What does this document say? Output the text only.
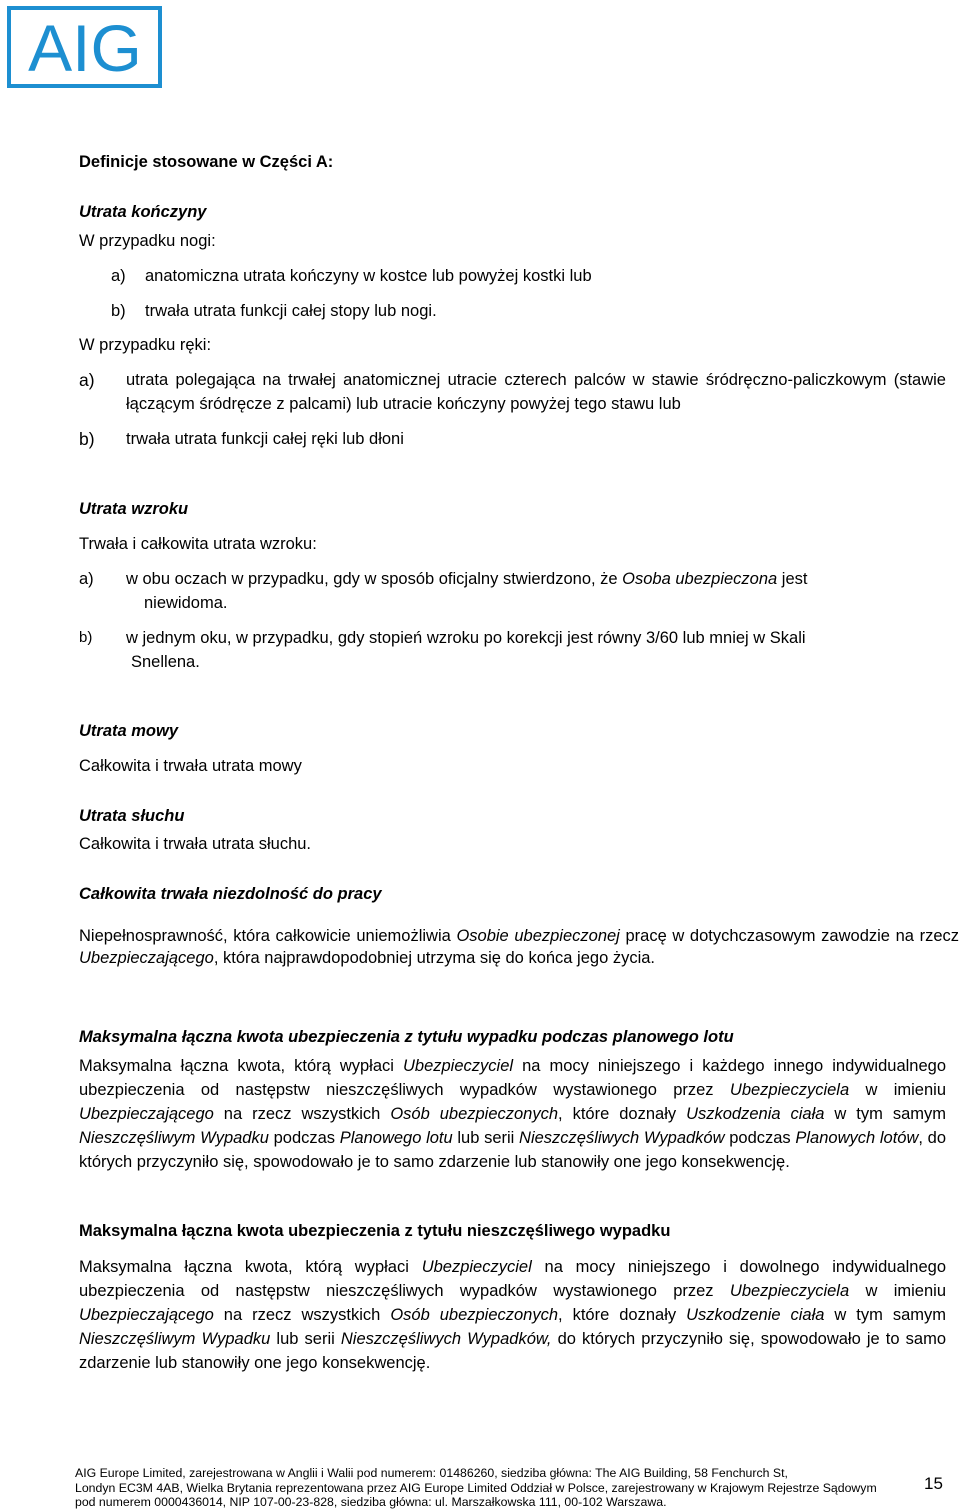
AIG

Definicje stosowane w Części A:

Utrata kończyny

W przypadku nogi:

a)	anatomiczna utrata kończyny w kostce lub powyżej kostki lub
b)	trwała utrata funkcji całej stopy lub nogi.

W przypadku ręki:

a)	utrata polegająca na trwałej anatomicznej utracie czterech palców w stawie śródręczno-paliczkowym (stawie łączącym śródręcze z palcami) lub utracie kończyny powyżej tego stawu lub
b)	trwała utrata funkcji całej ręki lub dłoni

Utrata wzroku

Trwała i całkowita utrata wzroku:

a)	w obu oczach w przypadku, gdy w sposób oficjalny stwierdzono, że Osoba ubezpieczona jest
niewidoma.
b)	w jednym oku, w przypadku, gdy stopień wzroku po korekcji jest równy 3/60 lub mniej w Skali
Snellena.

Utrata mowy

Całkowita i trwała utrata mowy

Utrata słuchu

Całkowita i trwała utrata słuchu.

Całkowita trwała niezdolność do pracy

Niepełnosprawność, która całkowicie uniemożliwia Osobie ubezpieczonej pracę w dotychczasowym zawodzie na rzecz Ubezpieczającego, która najprawdopodobniej utrzyma się do końca jego życia.

Maksymalna łączna kwota ubezpieczenia z tytułu wypadku podczas planowego lotu

Maksymalna łączna kwota, którą wypłaci Ubezpieczyciel na mocy niniejszego i każdego innego indywidualnego ubezpieczenia od następstw nieszczęśliwych wypadków wystawionego przez Ubezpieczyciela w imieniu Ubezpieczającego na rzecz wszystkich Osób ubezpieczonych, które doznały Uszkodzenia ciała w tym samym Nieszczęśliwym Wypadku podczas Planowego lotu lub serii Nieszczęśliwych Wypadków podczas Planowych lotów, do których przyczyniło się, spowodowało je to samo zdarzenie lub stanowiły one jego konsekwencję.

Maksymalna łączna kwota ubezpieczenia z tytułu nieszczęśliwego wypadku

Maksymalna łączna kwota, którą wypłaci Ubezpieczyciel na mocy niniejszego i dowolnego indywidualnego ubezpieczenia od następstw nieszczęśliwych wypadków wystawionego przez Ubezpieczyciela w imieniu Ubezpieczającego na rzecz wszystkich Osób ubezpieczonych, które doznały Uszkodzenie ciała w tym samym Nieszczęśliwym Wypadku lub serii Nieszczęśliwych Wypadków, do których przyczyniło się, spowodowało je to samo zdarzenie lub stanowiły one jego konsekwencję.

AIG Europe Limited, zarejestrowana w Anglii i Walii pod numerem: 01486260, siedziba główna: The AIG Building, 58 Fenchurch St,
Londyn EC3M 4AB, Wielka Brytania reprezentowana przez AIG Europe Limited Oddział w Polsce, zarejestrowany w Krajowym Rejestrze Sądowym
pod numerem 0000436014, NIP 107-00-23-828, siedziba główna: ul. Marszałkowska 111, 00-102 Warszawa.
15
